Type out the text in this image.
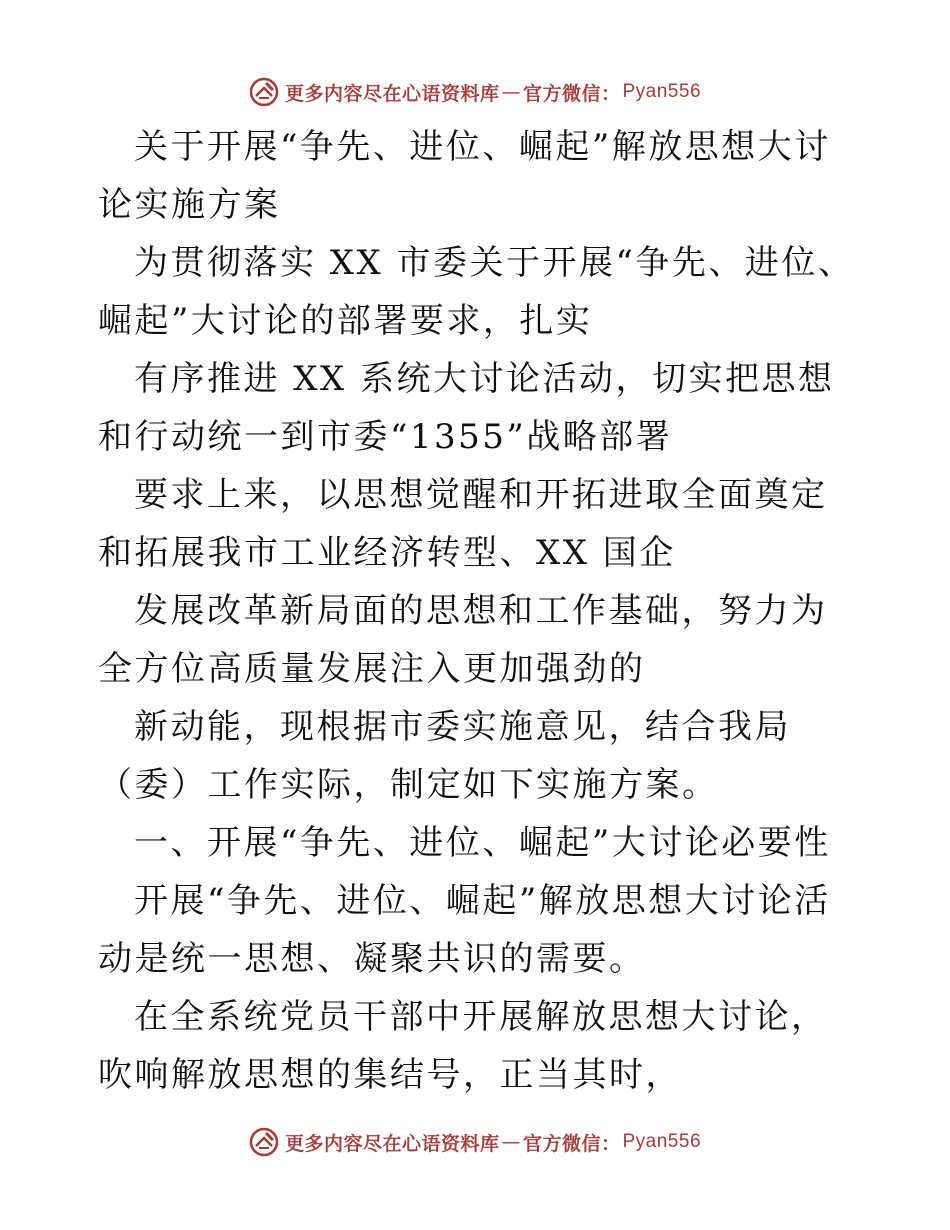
更多内容尽在心语资料库 — 官方微信： Pyan556

关于开展“争先、进位、崛起”解放思想大讨论实施方案

为贯彻落实 XX 市委关于开展“争先、进位、崛起”大讨论的部署要求，扎实

有序推进 XX 系统大讨论活动，切实把思想和行动统一到市委“1355”战略部署

要求上来，以思想觉醒和开拓进取全面奠定和拓展我市工业经济转型、XX 国企

发展改革新局面的思想和工作基础，努力为全方位高质量发展注入更加强劲的

新动能，现根据市委实施意见，结合我局（委）工作实际，制定如下实施方案。

一、开展“争先、进位、崛起”大讨论必要性

开展“争先、进位、崛起”解放思想大讨论活动是统一思想、凝聚共识的需要。

在全系统党员干部中开展解放思想大讨论，吹响解放思想的集结号，正当其时，

更多内容尽在心语资料库 — 官方微信： Pyan556
